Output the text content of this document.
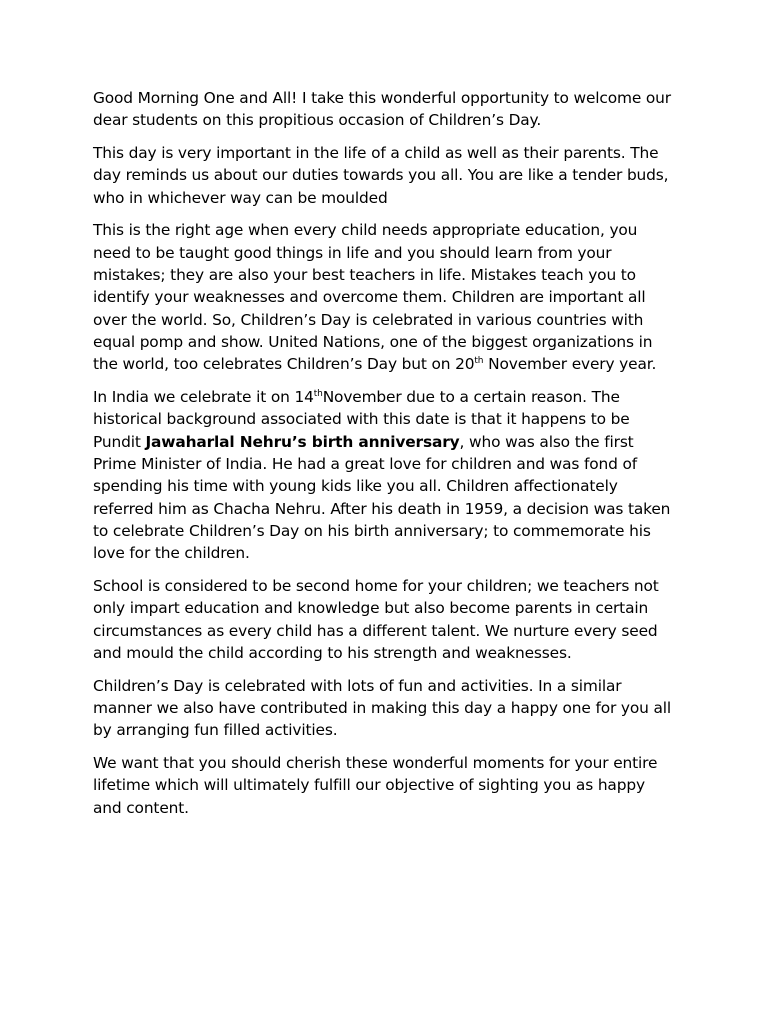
Good Morning One and All! I take this wonderful opportunity to welcome our dear students on this propitious occasion of Children’s Day.

This day is very important in the life of a child as well as their parents. The day reminds us about our duties towards you all. You are like a tender buds, who in whichever way can be moulded

This is the right age when every child needs appropriate education, you need to be taught good things in life and you should learn from your mistakes; they are also your best teachers in life. Mistakes teach you to identify your weaknesses and overcome them. Children are important all over the world. So, Children’s Day is celebrated in various countries with equal pomp and show. United Nations, one of the biggest organizations in the world, too celebrates Children’s Day but on 20th November every year.

In India we celebrate it on 14thNovember due to a certain reason. The historical background associated with this date is that it happens to be Pundit Jawaharlal Nehru’s birth anniversary, who was also the first Prime Minister of India. He had a great love for children and was fond of spending his time with young kids like you all. Children affectionately referred him as Chacha Nehru. After his death in 1959, a decision was taken to celebrate Children’s Day on his birth anniversary; to commemorate his love for the children.

School is considered to be second home for your children; we teachers not only impart education and knowledge but also become parents in certain circumstances as every child has a different talent. We nurture every seed and mould the child according to his strength and weaknesses.

Children’s Day is celebrated with lots of fun and activities. In a similar manner we also have contributed in making this day a happy one for you all by arranging fun filled activities.

We want that you should cherish these wonderful moments for your entire lifetime which will ultimately fulfill our objective of sighting you as happy and content.
